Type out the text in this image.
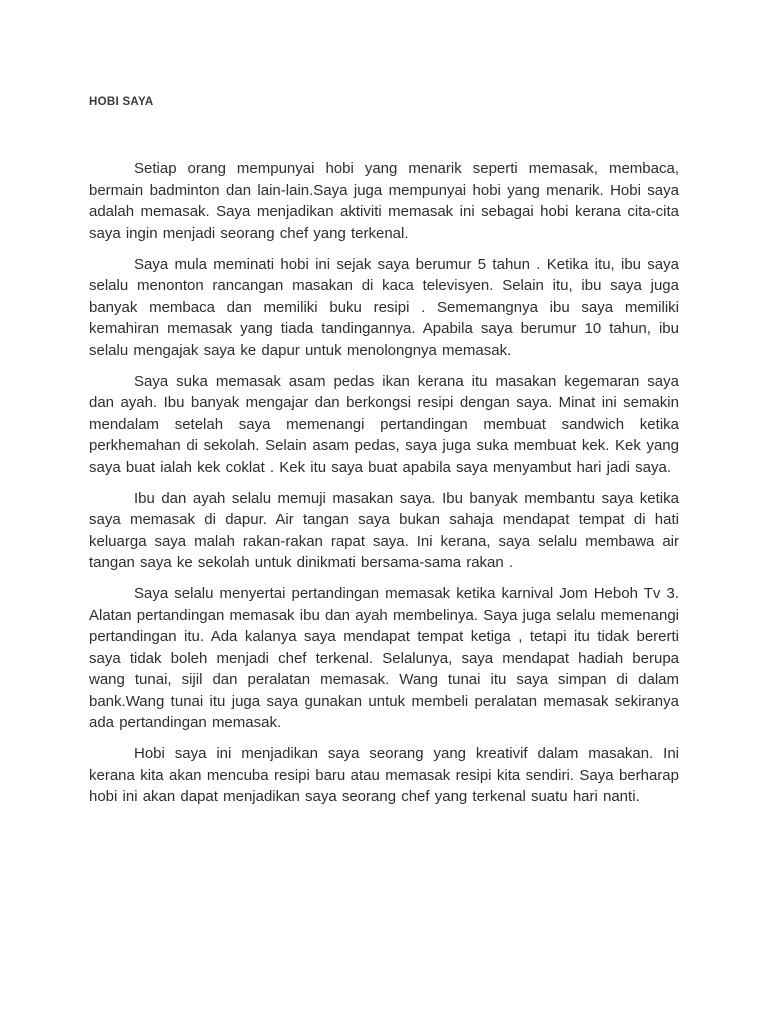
HOBI SAYA

Setiap orang mempunyai hobi yang menarik seperti memasak, membaca, bermain badminton dan lain-lain.Saya juga mempunyai hobi yang menarik. Hobi saya adalah memasak. Saya menjadikan aktiviti memasak ini sebagai hobi kerana cita-cita saya ingin menjadi seorang chef yang terkenal.

Saya mula meminati hobi ini sejak saya berumur 5 tahun . Ketika itu, ibu saya selalu menonton rancangan masakan di kaca televisyen. Selain itu, ibu saya juga banyak membaca dan memiliki buku resipi . Sememangnya ibu saya memiliki kemahiran memasak yang tiada tandingannya. Apabila saya berumur 10 tahun, ibu selalu mengajak saya ke dapur untuk menolongnya memasak.

Saya suka memasak asam pedas ikan kerana itu masakan kegemaran saya dan ayah. Ibu banyak mengajar dan berkongsi resipi dengan saya. Minat ini semakin mendalam setelah saya memenangi pertandingan membuat sandwich ketika perkhemahan di sekolah. Selain asam pedas, saya juga suka membuat kek. Kek yang saya buat ialah kek coklat . Kek itu saya buat apabila saya menyambut hari jadi saya.

Ibu dan ayah selalu memuji masakan saya. Ibu banyak membantu saya ketika saya memasak di dapur. Air tangan saya bukan sahaja mendapat tempat di hati keluarga saya malah rakan-rakan rapat saya. Ini kerana, saya selalu membawa air tangan saya ke sekolah untuk dinikmati bersama-sama rakan .

Saya selalu menyertai pertandingan memasak ketika karnival Jom Heboh Tv 3. Alatan pertandingan memasak ibu dan ayah membelinya. Saya juga selalu memenangi pertandingan itu. Ada kalanya saya mendapat tempat ketiga , tetapi itu tidak bererti saya tidak boleh menjadi chef terkenal. Selalunya, saya mendapat hadiah berupa wang tunai, sijil dan peralatan memasak. Wang tunai itu saya simpan di dalam bank.Wang tunai itu juga saya gunakan untuk membeli peralatan memasak sekiranya ada pertandingan memasak.

Hobi saya ini menjadikan saya seorang yang kreativif dalam masakan. Ini kerana kita akan mencuba resipi baru atau memasak resipi kita sendiri. Saya berharap hobi ini akan dapat menjadikan saya seorang chef yang terkenal suatu hari nanti.
